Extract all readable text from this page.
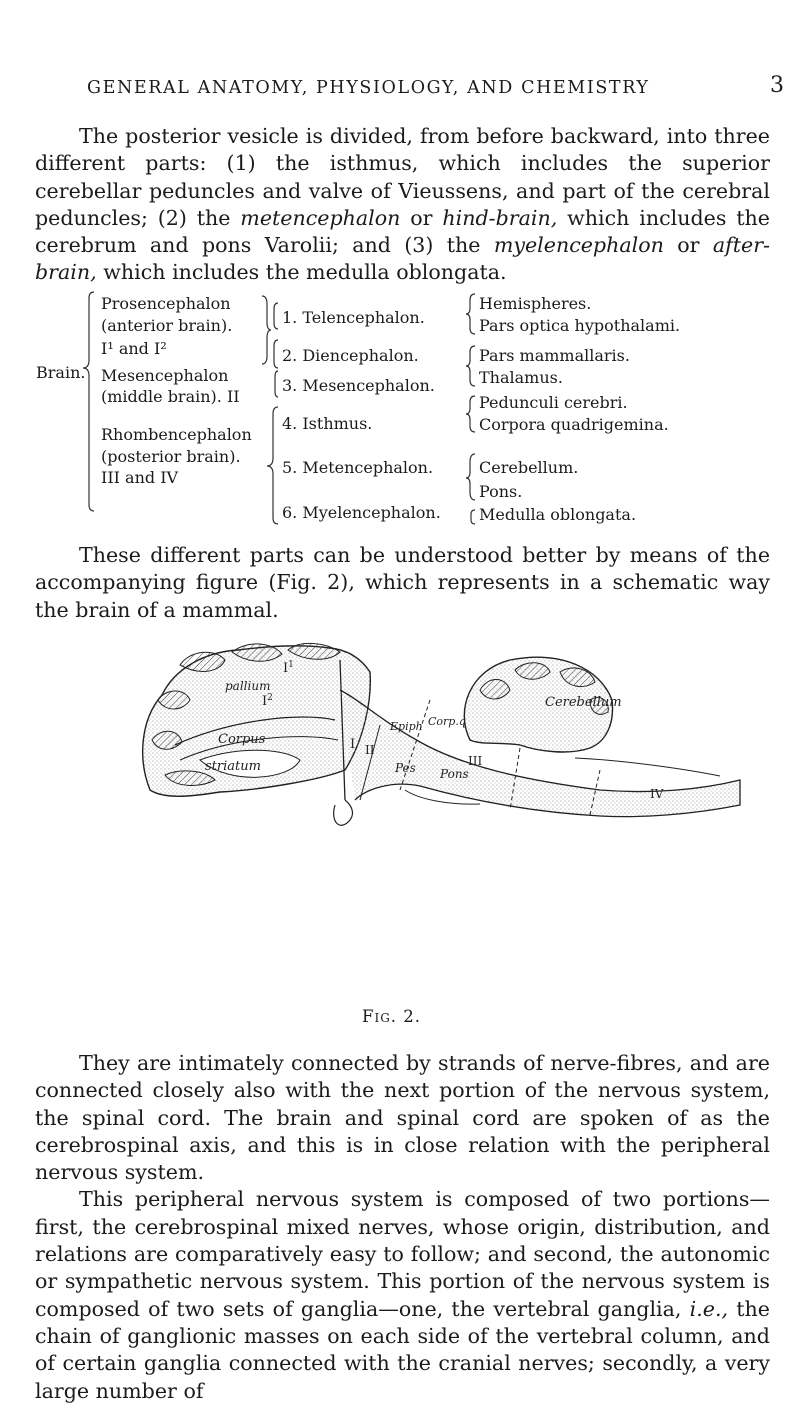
GENERAL ANATOMY, PHYSIOLOGY, AND CHEMISTRY	3

The posterior vesicle is divided, from before backward, into three different parts: (1) the isthmus, which includes the superior cerebellar peduncles and valve of Vieussens, and part of the cerebral peduncles; (2) the metencephalon or hind-brain, which includes the cerebrum and pons Varolii; and (3) the myelencephalon or after-brain, which includes the medulla oblongata.

Brain.
Prosencephalon
(anterior brain).
I¹ and I²
Mesencephalon
(middle brain). II
Rhombencephalon
(posterior brain).
III and IV
1. Telencephalon.
2. Diencephalon.
3. Mesencephalon.
4. Isthmus.
5. Metencephalon.
6. Myelencephalon.
Hemispheres.
Pars optica hypothalami.
Pars mammallaris.
Thalamus.
Pedunculi cerebri.
Corpora quadrigemina.
Cerebellum.
Pons.
Medulla oblongata.

These different parts can be understood better by means of the accompanying figure (Fig. 2), which represents in a schematic way the brain of a mammal.

Corpus
striatum
Cerebellum
Epiph Corp.q
Pes Pons
pallium
III
IV
I
$I^1$
$I^2$
II
Fig. 2.

They are intimately connected by strands of nerve-fibres, and are connected closely also with the next portion of the nervous system, the spinal cord. The brain and spinal cord are spoken of as the cerebrospinal axis, and this is in close relation with the peripheral nervous system.

This peripheral nervous system is composed of two portions—first, the cerebrospinal mixed nerves, whose origin, distribution, and relations are comparatively easy to follow; and second, the autonomic or sympathetic nervous system. This portion of the nervous system is composed of two sets of ganglia—one, the vertebral ganglia, i.e., the chain of ganglionic masses on each side of the vertebral column, and of certain ganglia connected with the cranial nerves; secondly, a very large number of
